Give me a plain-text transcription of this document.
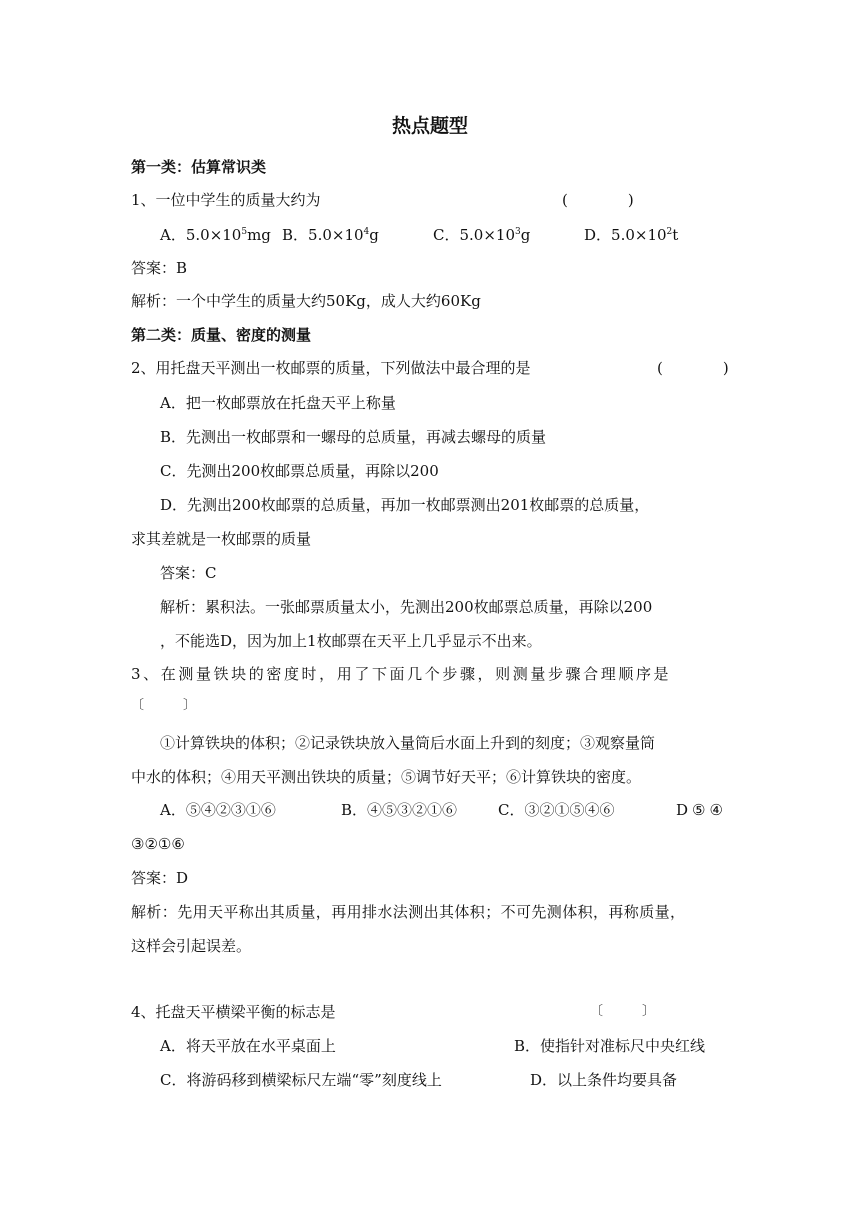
热点题型
第一类：估算常识类
1、一位中学生的质量大约为	(　　　　)
A．$5.0\times 10^5mg$ B．$5.0\times 10^4g$	C．$5.0\times 10^3g$	D．$5.0\times 10^2t$
答案：B
解析：一个中学生的质量大约50Kg，成人大约60Kg
第二类：质量、密度的测量
2、用托盘天平测出一枚邮票的质量，下列做法中最合理的是	(　　　　)
A．把一枚邮票放在托盘天平上称量
B．先测出一枚邮票和一螺母的总质量，再减去螺母的质量
C．先测出200枚邮票总质量，再除以200
D．先测出200枚邮票的总质量，再加一枚邮票测出201枚邮票的总质量，
求其差就是一枚邮票的质量
答案：C
解析：累积法。一张邮票质量太小，先测出200枚邮票总质量，再除以200
，不能选D，因为加上1枚邮票在天平上几乎显示不出来。
3、在测量铁块的密度时，用了下面几个步骤，则测量步骤合理顺序是
〔　　　〕
①计算铁块的体积；②记录铁块放入量筒后水面上升到的刻度；③观察量筒
中水的体积；④用天平测出铁块的质量；⑤调节好天平；⑥计算铁块的密度。
A．⑤④②③①⑥	B．④⑤③②①⑥	C．③②①⑤④⑥	D⑤④
③②①⑥
答案：D
解析：先用天平称出其质量，再用排水法测出其体积；不可先测体积，再称质量，
这样会引起误差。
4、托盘天平横梁平衡的标志是	〔　　　〕
A．将天平放在水平桌面上	B．使指针对准标尺中央红线
C．将游码移到横梁标尺左端“零”刻度线上	D．以上条件均要具备
